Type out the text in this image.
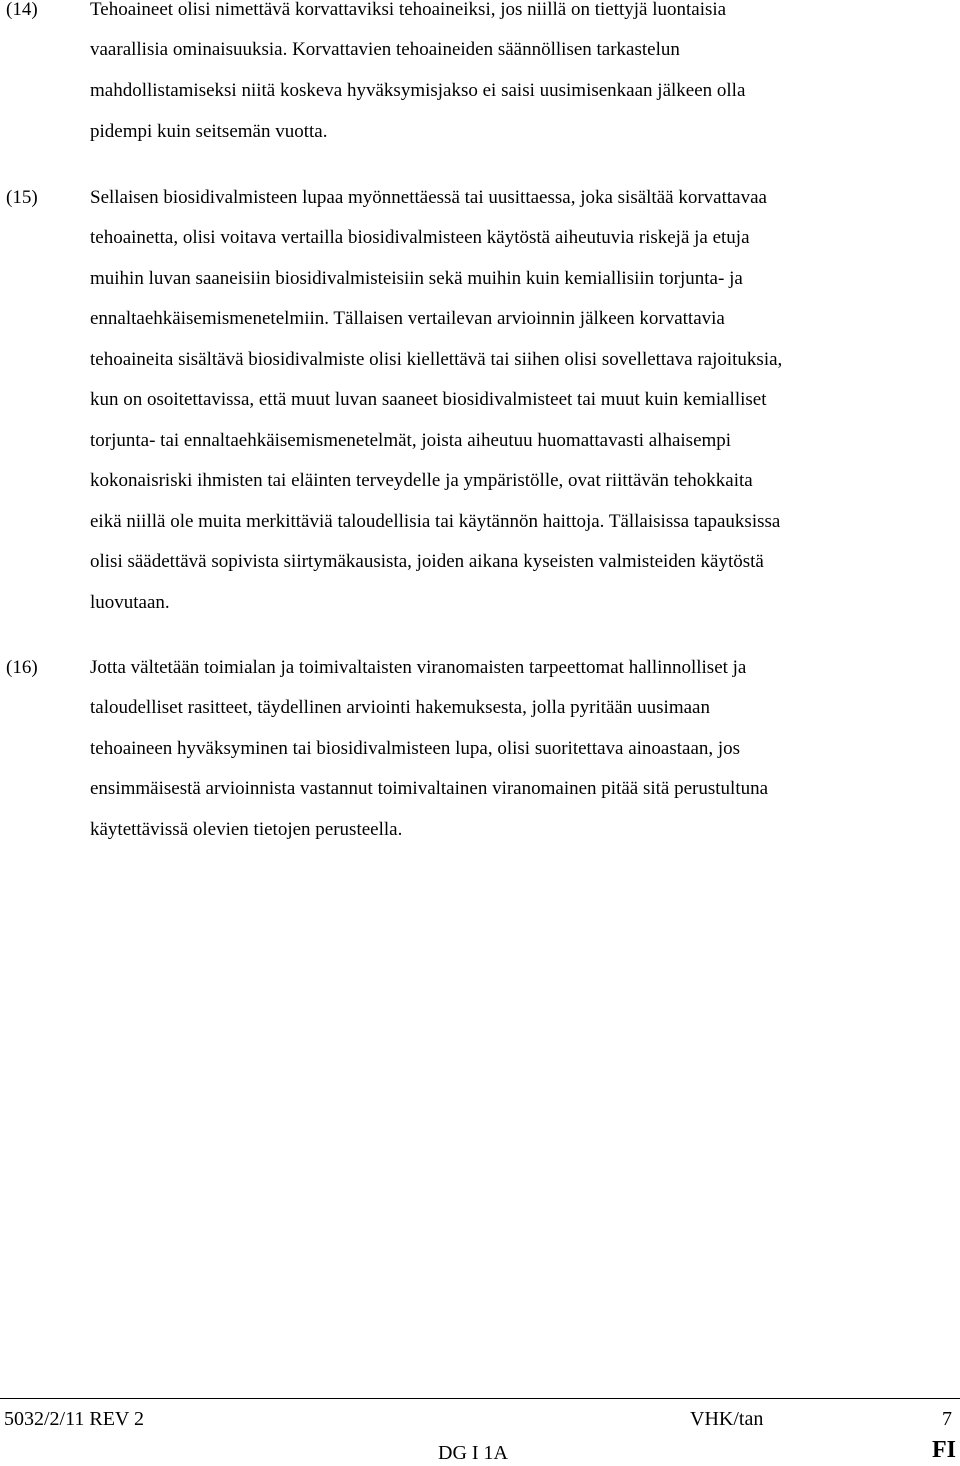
(14)	Tehoaineet olisi nimettävä korvattaviksi tehoaineiksi, jos niillä on tiettyjä luontaisia
vaarallisia ominaisuuksia. Korvattavien tehoaineiden säännöllisen tarkastelun
mahdollistamiseksi niitä koskeva hyväksymisjakso ei saisi uusimisenkaan jälkeen olla
pidempi kuin seitsemän vuotta.
(15)	Sellaisen biosidivalmisteen lupaa myönnettäessä tai uusittaessa, joka sisältää korvattavaa
tehoainetta, olisi voitava vertailla biosidivalmisteen käytöstä aiheutuvia riskejä ja etuja
muihin luvan saaneisiin biosidivalmisteisiin sekä muihin kuin kemiallisiin torjunta- ja
ennaltaehkäisemismenetelmiin. Tällaisen vertailevan arvioinnin jälkeen korvattavia
tehoaineita sisältävä biosidivalmiste olisi kiellettävä tai siihen olisi sovellettava rajoituksia,
kun on osoitettavissa, että muut luvan saaneet biosidivalmisteet tai muut kuin kemialliset
torjunta- tai ennaltaehkäisemismenetelmät, joista aiheutuu huomattavasti alhaisempi
kokonaisriski ihmisten tai eläinten terveydelle ja ympäristölle, ovat riittävän tehokkaita
eikä niillä ole muita merkittäviä taloudellisia tai käytännön haittoja. Tällaisissa tapauksissa
olisi säädettävä sopivista siirtymäkausista, joiden aikana kyseisten valmisteiden käytöstä
luovutaan.
(16)	Jotta vältetään toimialan ja toimivaltaisten viranomaisten tarpeettomat hallinnolliset ja
taloudelliset rasitteet, täydellinen arviointi hakemuksesta, jolla pyritään uusimaan
tehoaineen hyväksyminen tai biosidivalmisteen lupa, olisi suoritettava ainoastaan, jos
ensimmäisestä arvioinnista vastannut toimivaltainen viranomainen pitää sitä perustultuna
käytettävissä olevien tietojen perusteella.
5032/2/11 REV 2	VHK/tan	7
DG I 1A	FI
